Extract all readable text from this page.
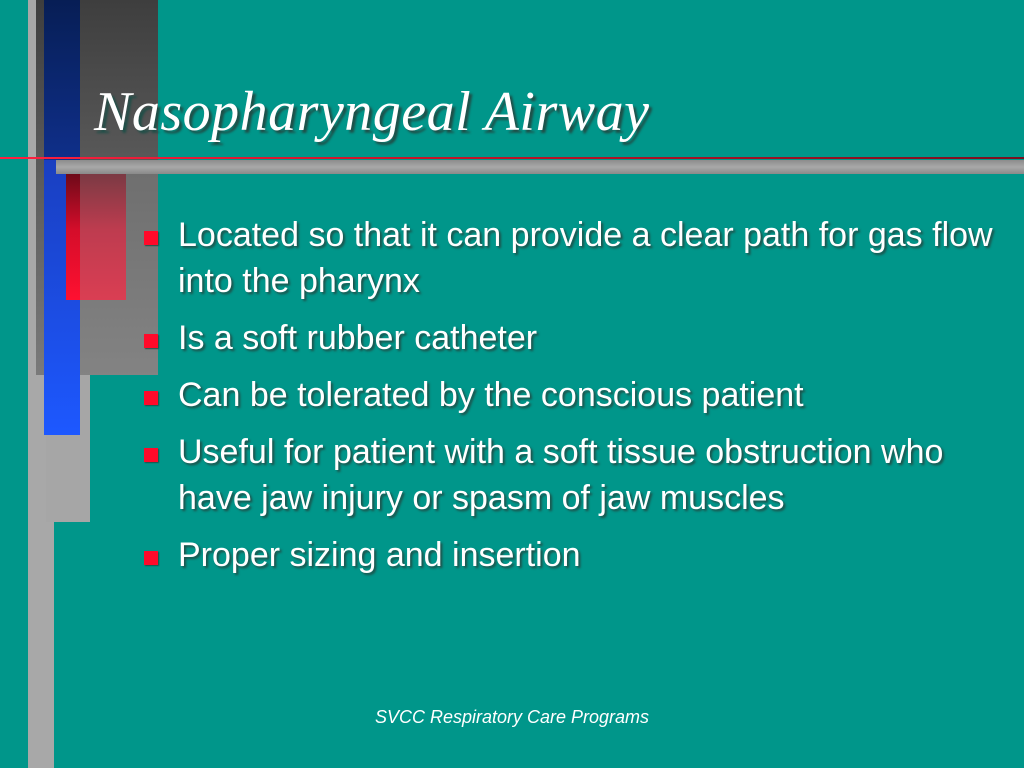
Nasopharyngeal Airway
Located so that it can provide a clear path for gas flow into the pharynx
Is a soft rubber catheter
Can be tolerated by the conscious patient
Useful for patient with a soft tissue obstruction who have jaw injury or spasm of jaw muscles
Proper sizing and insertion
SVCC Respiratory Care Programs
